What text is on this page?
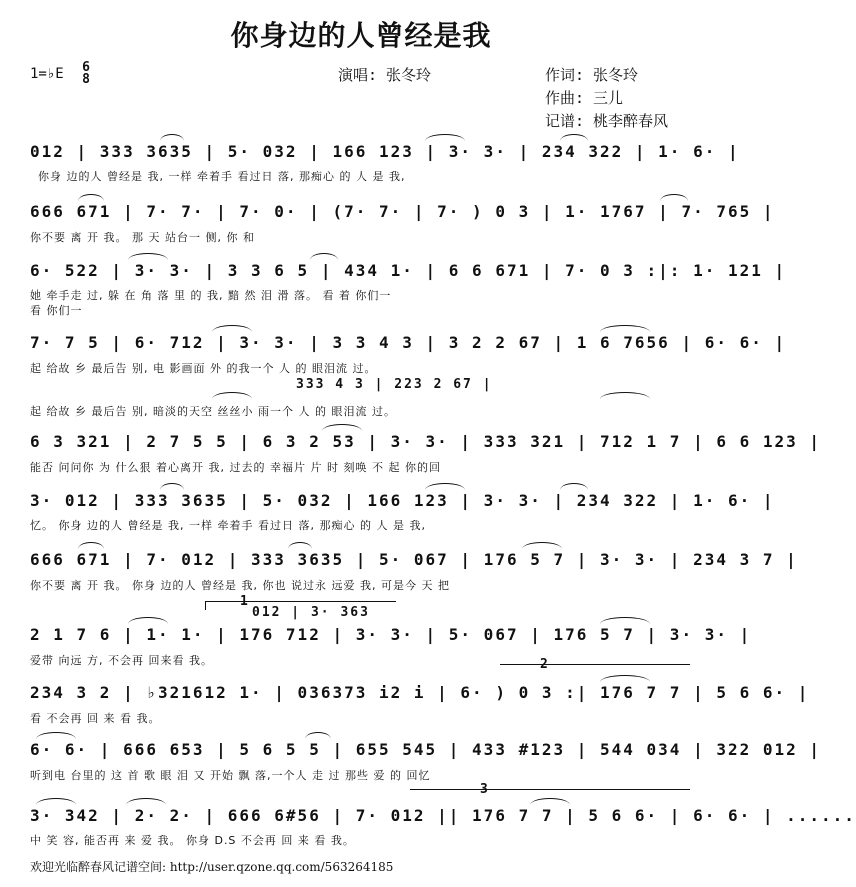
你身边的人曾经是我
1=♭E 6
8	演唱: 张冬玲	作词: 张冬玲
作曲: 三儿
记谱: 桃李醉春风
012 | 333 3635 | 5· 032 | 166 123 | 3· 3· | 234 322 | 1· 6· |
你身 边的人 曾经是 我, 一样 牵着手 看过日 落, 那痴心 的 人 是 我,
666 671 | 7· 7· | 7· 0· | (7· 7· | 7· ) 0 3 | 1· 1767 | 7· 765 |
你不要 离 开 我。 那 天 站台一 侧, 你 和
6· 522 | 3· 3· | 3 3 6 5 | 434 1· | 6 6 671 | 7· 0 3 :|: 1· 121 |
她 牵手走 过, 躲 在 角 落 里 的 我, 黯 然 泪 滑 落。 看 着 你们一
看 你们一
7· 7 5 | 6· 712 | 3· 3· | 3 3 4 3 | 3 2 2 67 | 1 6 7656 | 6· 6· |
起 给故 乡 最后告 别, 电 影画面 外 的我一个 人 的 眼泪流 过。
333 4 3 | 223 2 67 |
起 给故 乡 最后告 别, 暗淡的天空 丝丝小 雨一个 人 的 眼泪流 过。
6 3 321 | 2 7 5 5 | 6 3 2 53 | 3· 3· | 333 321 | 712 1 7 | 6 6 123 |
能否 问问你 为 什么狠 着心离开 我, 过去的 幸福片 片 时 刻唤 不 起 你的回
3· 012 | 333 3635 | 5· 032 | 166 123 | 3· 3· | 234 322 | 1· 6· |
忆。 你身 边的人 曾经是 我, 一样 牵着手 看过日 落, 那痴心 的 人 是 我,
666 671 | 7· 012 | 333 3635 | 5· 067 | 176 5 7 | 3· 3· | 234 3 7 |
你不要 离 开 我。 你身 边的人 曾经是 我, 你也 说过永 远爱 我, 可是今 天 把
1
012 | 3· 363
2 1 7 6 | 1· 1· | 176 712 | 3· 3· | 5· 067 | 176 5 7 | 3· 3· |
爱带 向远 方, 不会再 回来看 我。	2
234 3 2 | ♭321612 1· | 036373 i2 i | 6· ) 0 3 :| 176 7 7 | 5 6 6· |
看 不会再 回 来 看 我。
6· 6· | 666 653 | 5 6 5 5 | 655 545 | 433 #123 | 544 034 | 322 012 |
听到电 台里的 这 首 歌 眼 泪 又 开始 飘 落,一个人 走 过 那些 爱 的 回忆
3
3· 342 | 2· 2· | 666 6#56 | 7· 012 || 176 7 7 | 5 6 6· | 6· 6· | ......
中 笑 容, 能否再 来 爱 我。 你身 D.S 不会再 回 来 看 我。
欢迎光临醉春风记谱空间: http://user.qzone.qq.com/563264185
